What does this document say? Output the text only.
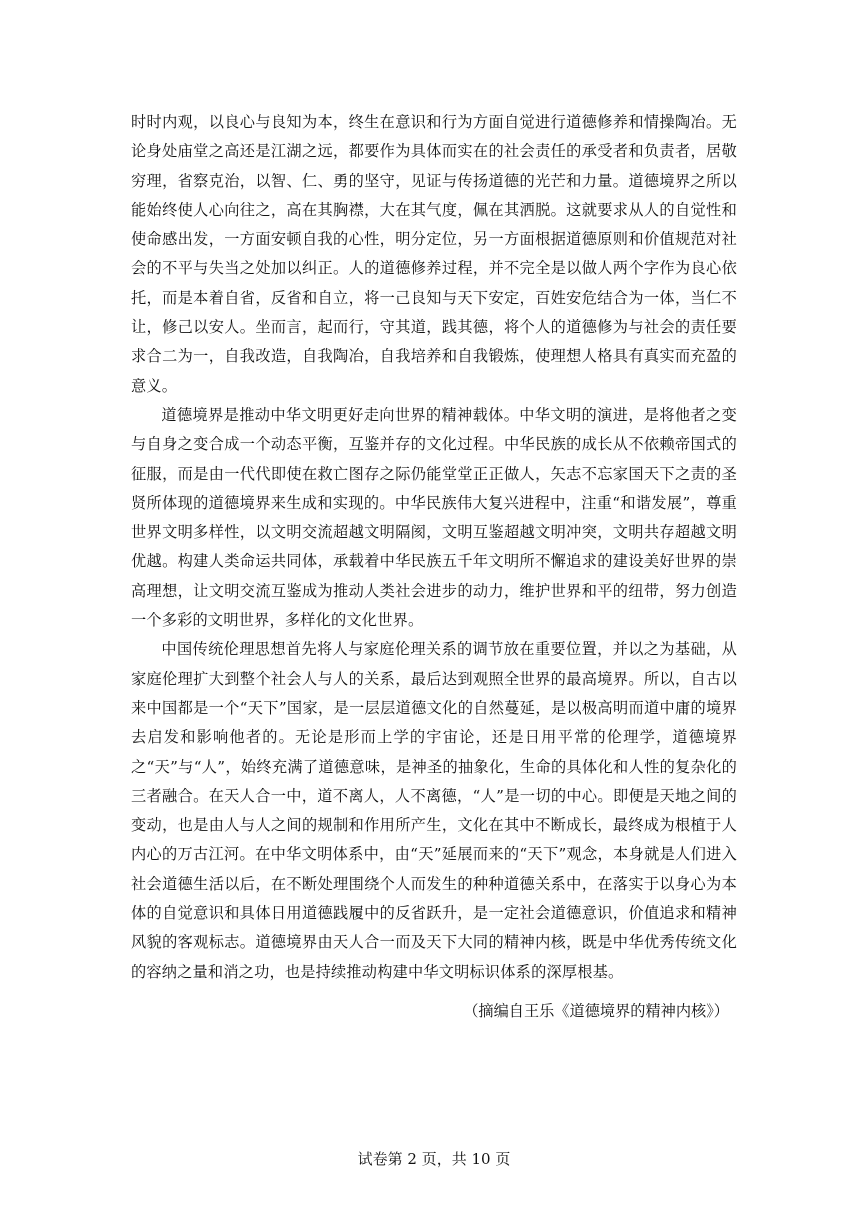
时时内观，以良心与良知为本，终生在意识和行为方面自觉进行道德修养和情操陶冶。无论身处庙堂之高还是江湖之远，都要作为具体而实在的社会责任的承受者和负责者，居敬穷理，省察克治，以智、仁、勇的坚守，见证与传扬道德的光芒和力量。道德境界之所以能始终使人心向往之，高在其胸襟，大在其气度，佩在其洒脱。这就要求从人的自觉性和使命感出发，一方面安顿自我的心性，明分定位，另一方面根据道德原则和价值规范对社会的不平与失当之处加以纠正。人的道德修养过程，并不完全是以做人两个字作为良心依托，而是本着自省，反省和自立，将一己良知与天下安定，百姓安危结合为一体，当仁不让，修己以安人。坐而言，起而行，守其道，践其德，将个人的道德修为与社会的责任要求合二为一，自我改造，自我陶冶，自我培养和自我锻炼，使理想人格具有真实而充盈的意义。

道德境界是推动中华文明更好走向世界的精神载体。中华文明的演进，是将他者之变与自身之变合成一个动态平衡，互鉴并存的文化过程。中华民族的成长从不依赖帝国式的征服，而是由一代代即使在救亡图存之际仍能堂堂正正做人，矢志不忘家国天下之责的圣贤所体现的道德境界来生成和实现的。中华民族伟大复兴进程中，注重“和谐发展”，尊重世界文明多样性，以文明交流超越文明隔阂，文明互鉴超越文明冲突，文明共存超越文明优越。构建人类命运共同体，承载着中华民族五千年文明所不懈追求的建设美好世界的崇高理想，让文明交流互鉴成为推动人类社会进步的动力，维护世界和平的纽带，努力创造一个多彩的文明世界，多样化的文化世界。

中国传统伦理思想首先将人与家庭伦理关系的调节放在重要位置，并以之为基础，从家庭伦理扩大到整个社会人与人的关系，最后达到观照全世界的最高境界。所以，自古以来中国都是一个“天下”国家，是一层层道德文化的自然蔓延，是以极高明而道中庸的境界去启发和影响他者的。无论是形而上学的宇宙论，还是日用平常的伦理学，道德境界之“天”与“人”，始终充满了道德意味，是神圣的抽象化，生命的具体化和人性的复杂化的三者融合。在天人合一中，道不离人，人不离德，“人”是一切的中心。即便是天地之间的变动，也是由人与人之间的规制和作用所产生，文化在其中不断成长，最终成为根植于人内心的万古江河。在中华文明体系中，由“天”延展而来的“天下”观念，本身就是人们进入社会道德生活以后，在不断处理围绕个人而发生的种种道德关系中，在落实于以身心为本体的自觉意识和具体日用道德践履中的反省跃升，是一定社会道德意识，价值追求和精神风貌的客观标志。道德境界由天人合一而及天下大同的精神内核，既是中华优秀传统文化的容纳之量和消之功，也是持续推动构建中华文明标识体系的深厚根基。

（摘编自王乐《道德境界的精神内核》）

试卷第 2 页，共 10 页
